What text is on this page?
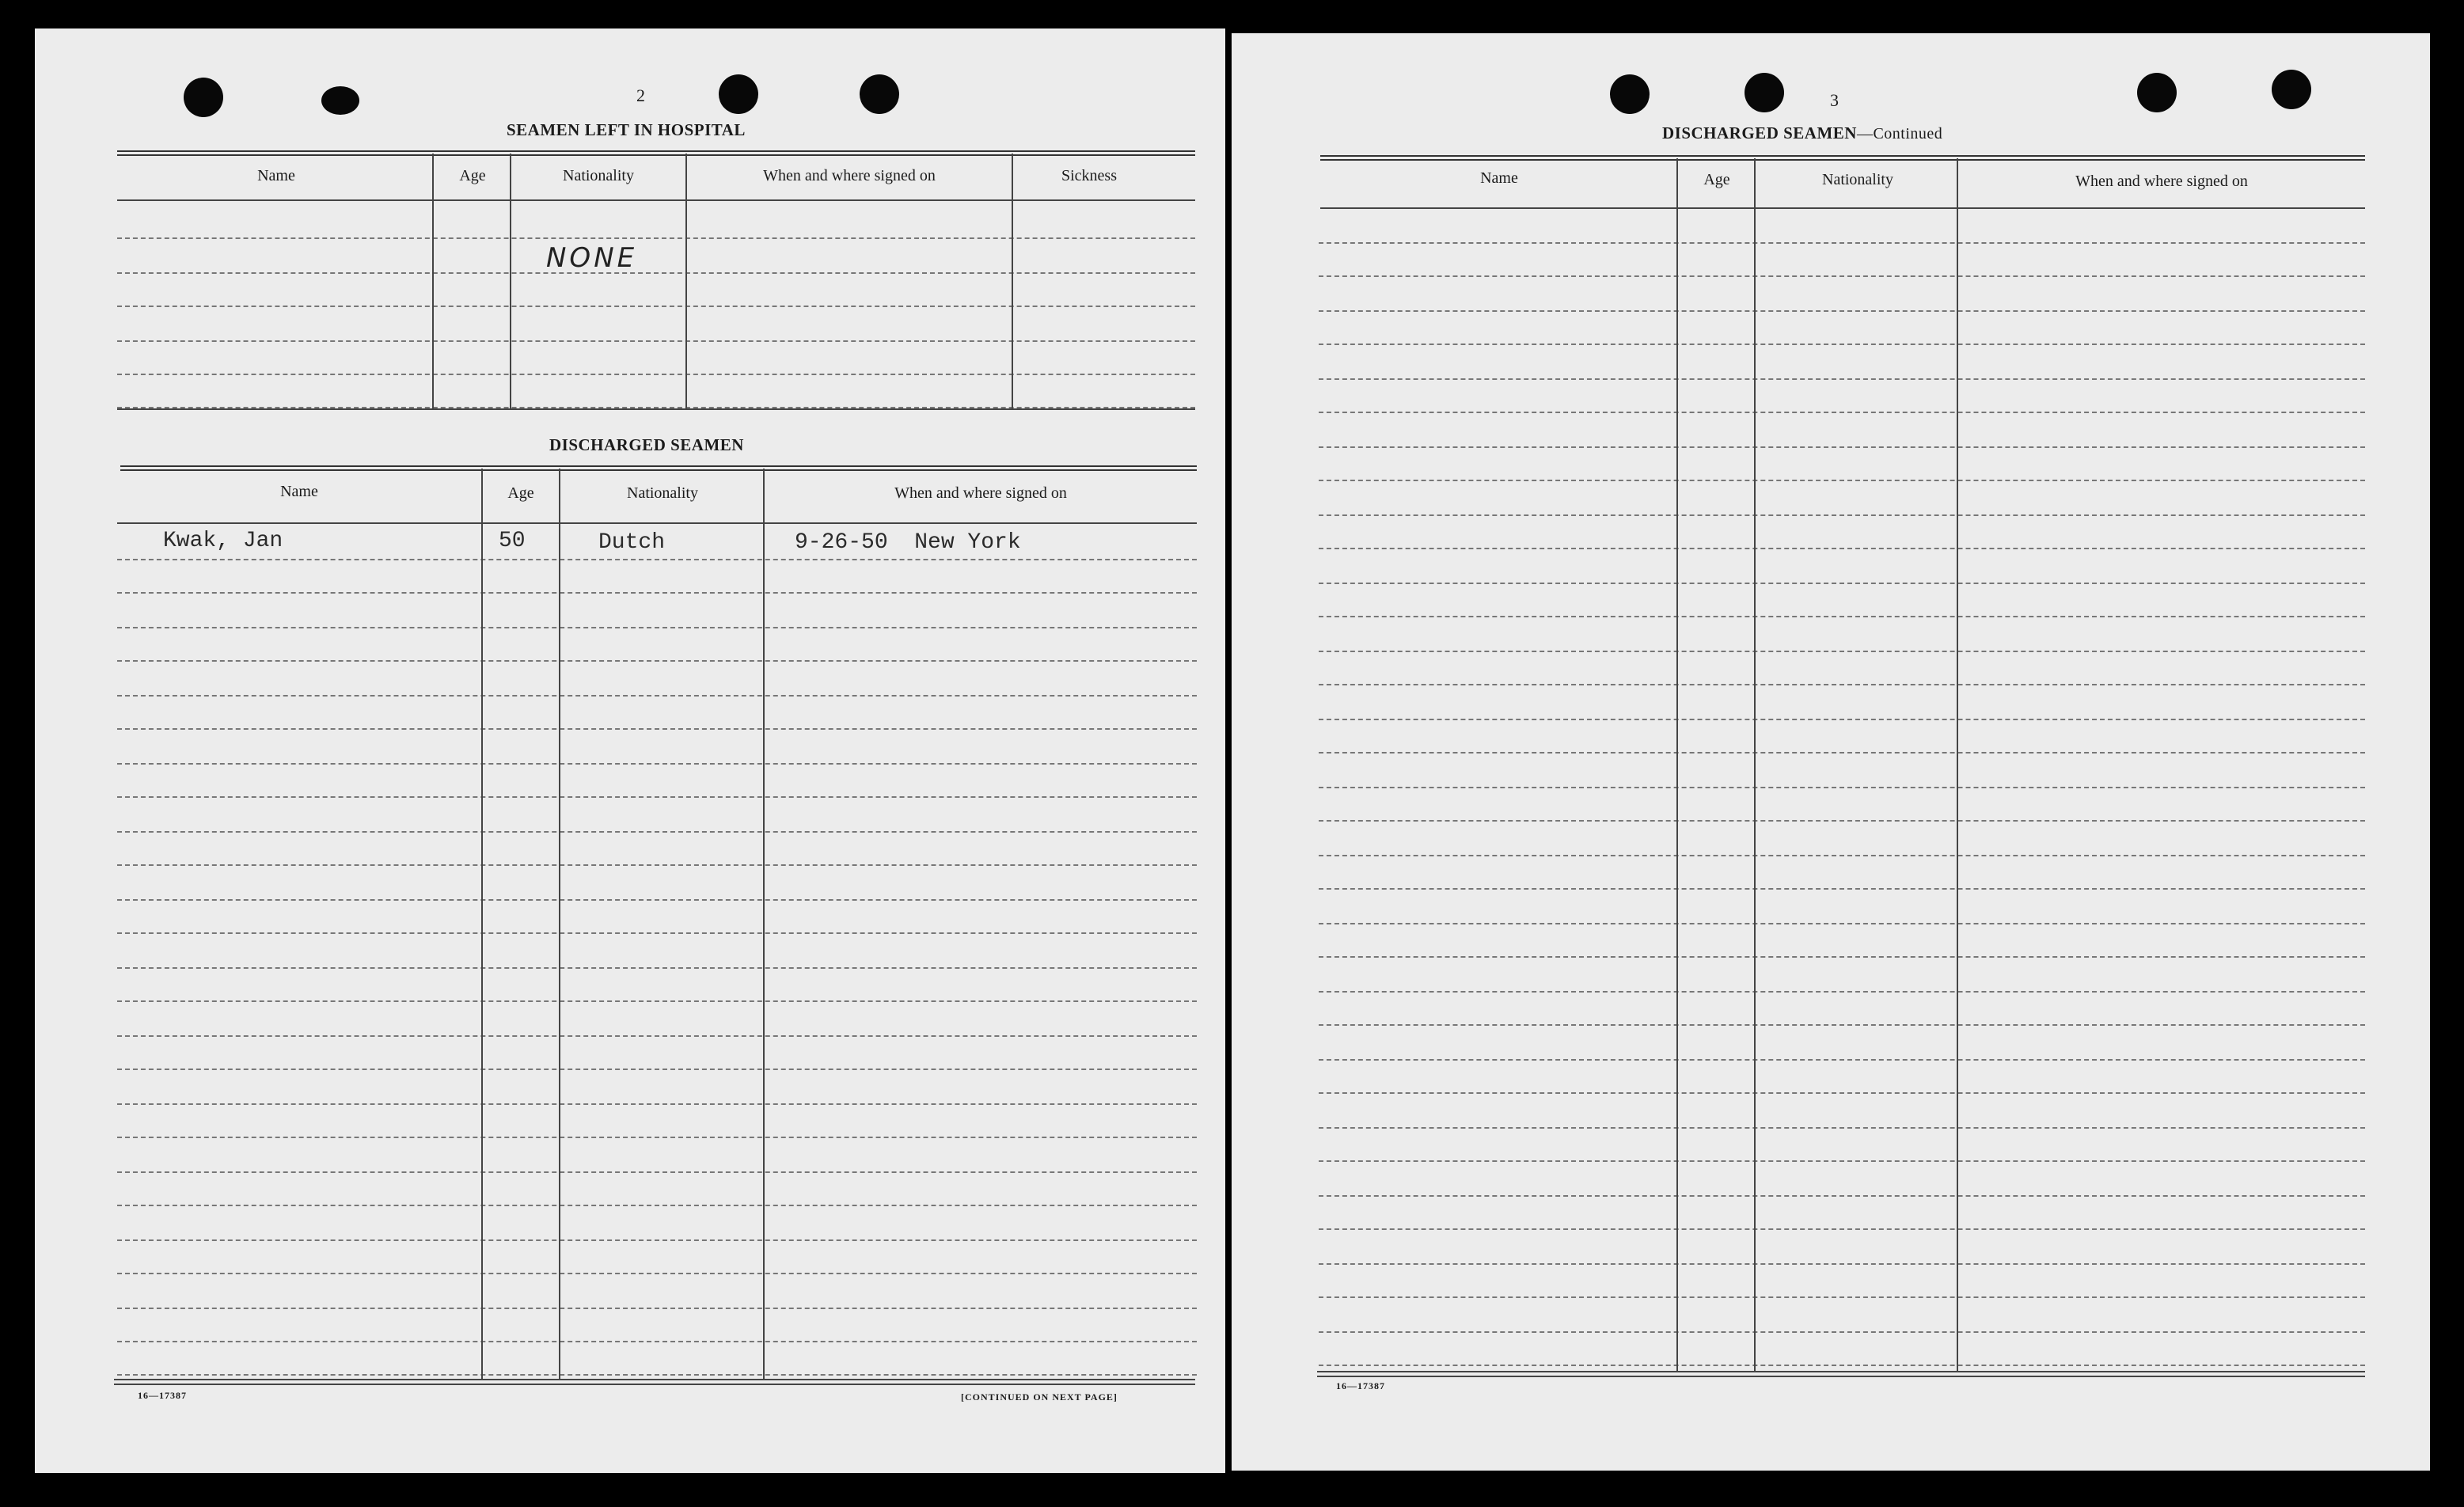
2
SEAMEN LEFT IN HOSPITAL
Name	Age	Nationality	When and where signed on	Sickness
NONE
DISCHARGED SEAMEN
Name	Age	Nationality	When and where signed on
Kwak, Jan	50	Dutch	9-26-50  New York
16—17387	[CONTINUED ON NEXT PAGE]
3
DISCHARGED SEAMEN—Continued
Name	Age	Nationality	When and where signed on
16—17387
